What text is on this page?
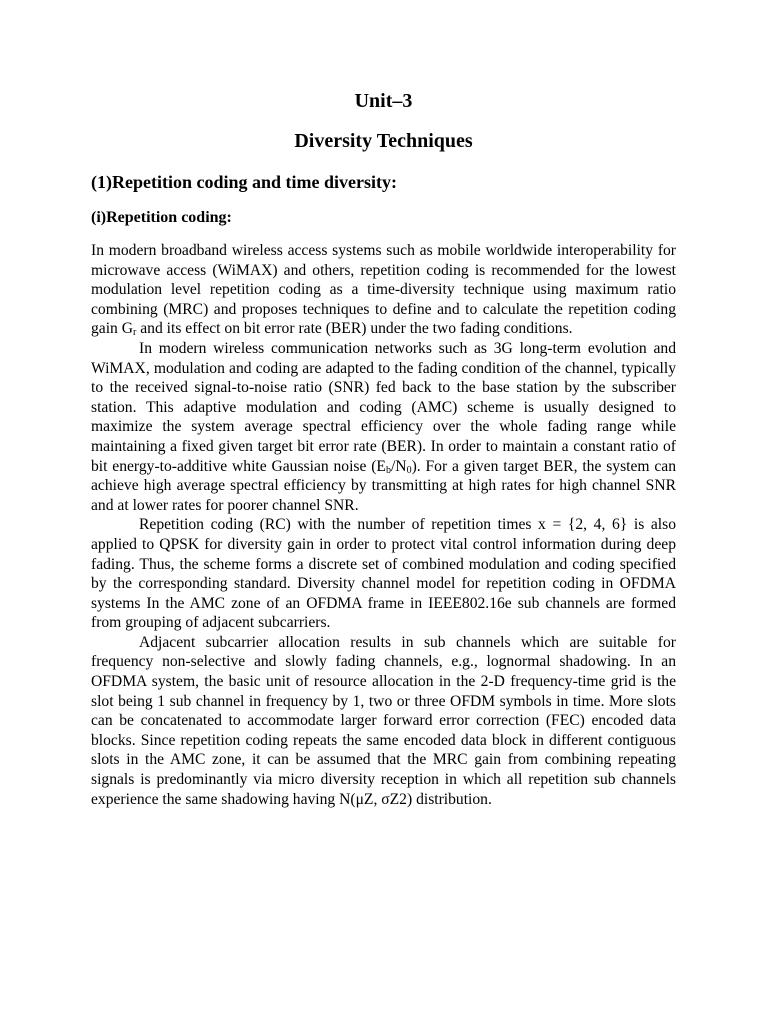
Unit–3
Diversity Techniques
(1)Repetition coding and time diversity:
(i)Repetition coding:

In modern broadband wireless access systems such as mobile worldwide interoperability for microwave access (WiMAX) and others, repetition coding is recommended for the lowest modulation level repetition coding as a time-diversity technique using maximum ratio combining (MRC) and proposes techniques to define and to calculate the repetition coding gain $G_r$ and its effect on bit error rate (BER) under the two fading conditions.

In modern wireless communication networks such as 3G long-term evolution and WiMAX, modulation and coding are adapted to the fading condition of the channel, typically to the received signal-to-noise ratio (SNR) fed back to the base station by the subscriber station. This adaptive modulation and coding (AMC) scheme is usually designed to maximize the system average spectral efficiency over the whole fading range while maintaining a fixed given target bit error rate (BER). In order to maintain a constant ratio of bit energy-to-additive white Gaussian noise $(E_b/N_0)$. For a given target BER, the system can achieve high average spectral efficiency by transmitting at high rates for high channel SNR and at lower rates for poorer channel SNR.

Repetition coding (RC) with the number of repetition times x = {2, 4, 6} is also applied to QPSK for diversity gain in order to protect vital control information during deep fading. Thus, the scheme forms a discrete set of combined modulation and coding specified by the corresponding standard. Diversity channel model for repetition coding in OFDMA systems In the AMC zone of an OFDMA frame in IEEE802.16e sub channels are formed from grouping of adjacent subcarriers.

Adjacent subcarrier allocation results in sub channels which are suitable for frequency non-selective and slowly fading channels, e.g., lognormal shadowing. In an OFDMA system, the basic unit of resource allocation in the 2-D frequency-time grid is the slot being 1 sub channel in frequency by 1, two or three OFDM symbols in time. More slots can be concatenated to accommodate larger forward error correction (FEC) encoded data blocks. Since repetition coding repeats the same encoded data block in different contiguous slots in the AMC zone, it can be assumed that the MRC gain from combining repeating signals is predominantly via micro diversity reception in which all repetition sub channels experience the same shadowing having N(μZ, σZ2) distribution.
